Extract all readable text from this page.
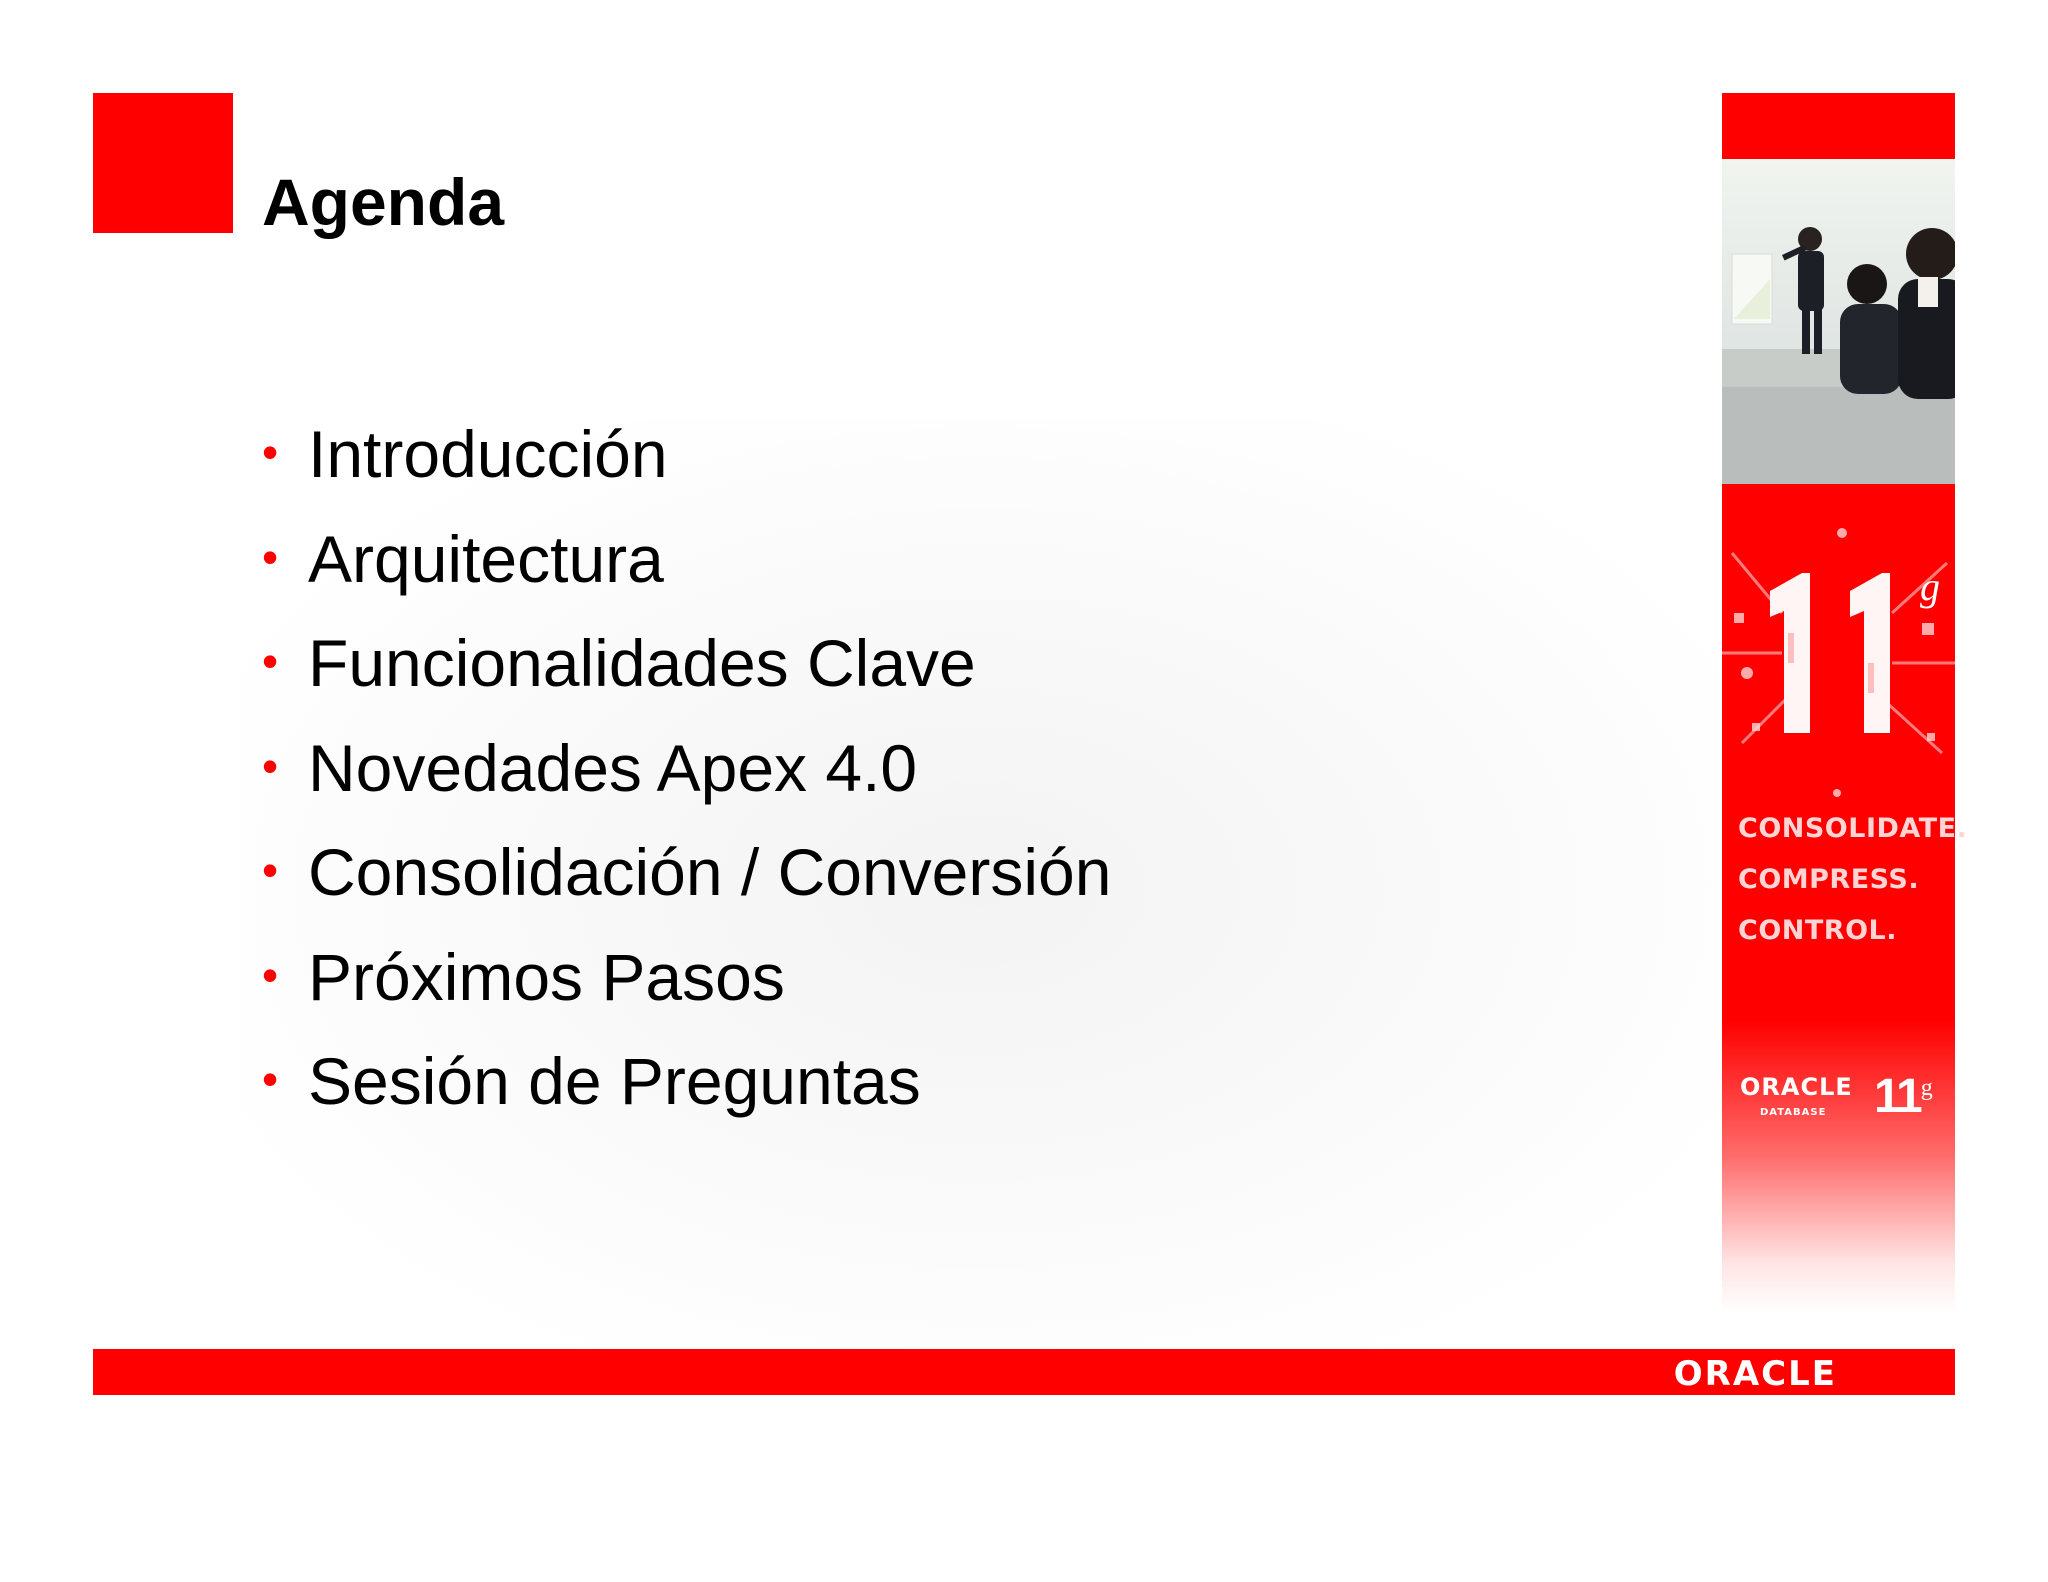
Agenda
• Introducción
• Arquitectura
• Funcionalidades Clave
• Novedades Apex 4.0
• Consolidación / Conversión
• Próximos Pasos
• Sesión de Preguntas
g
CONSOLIDATE.
COMPRESS.
CONTROL.
ORACLE
DATABASE 11$^g$
ORACLE
